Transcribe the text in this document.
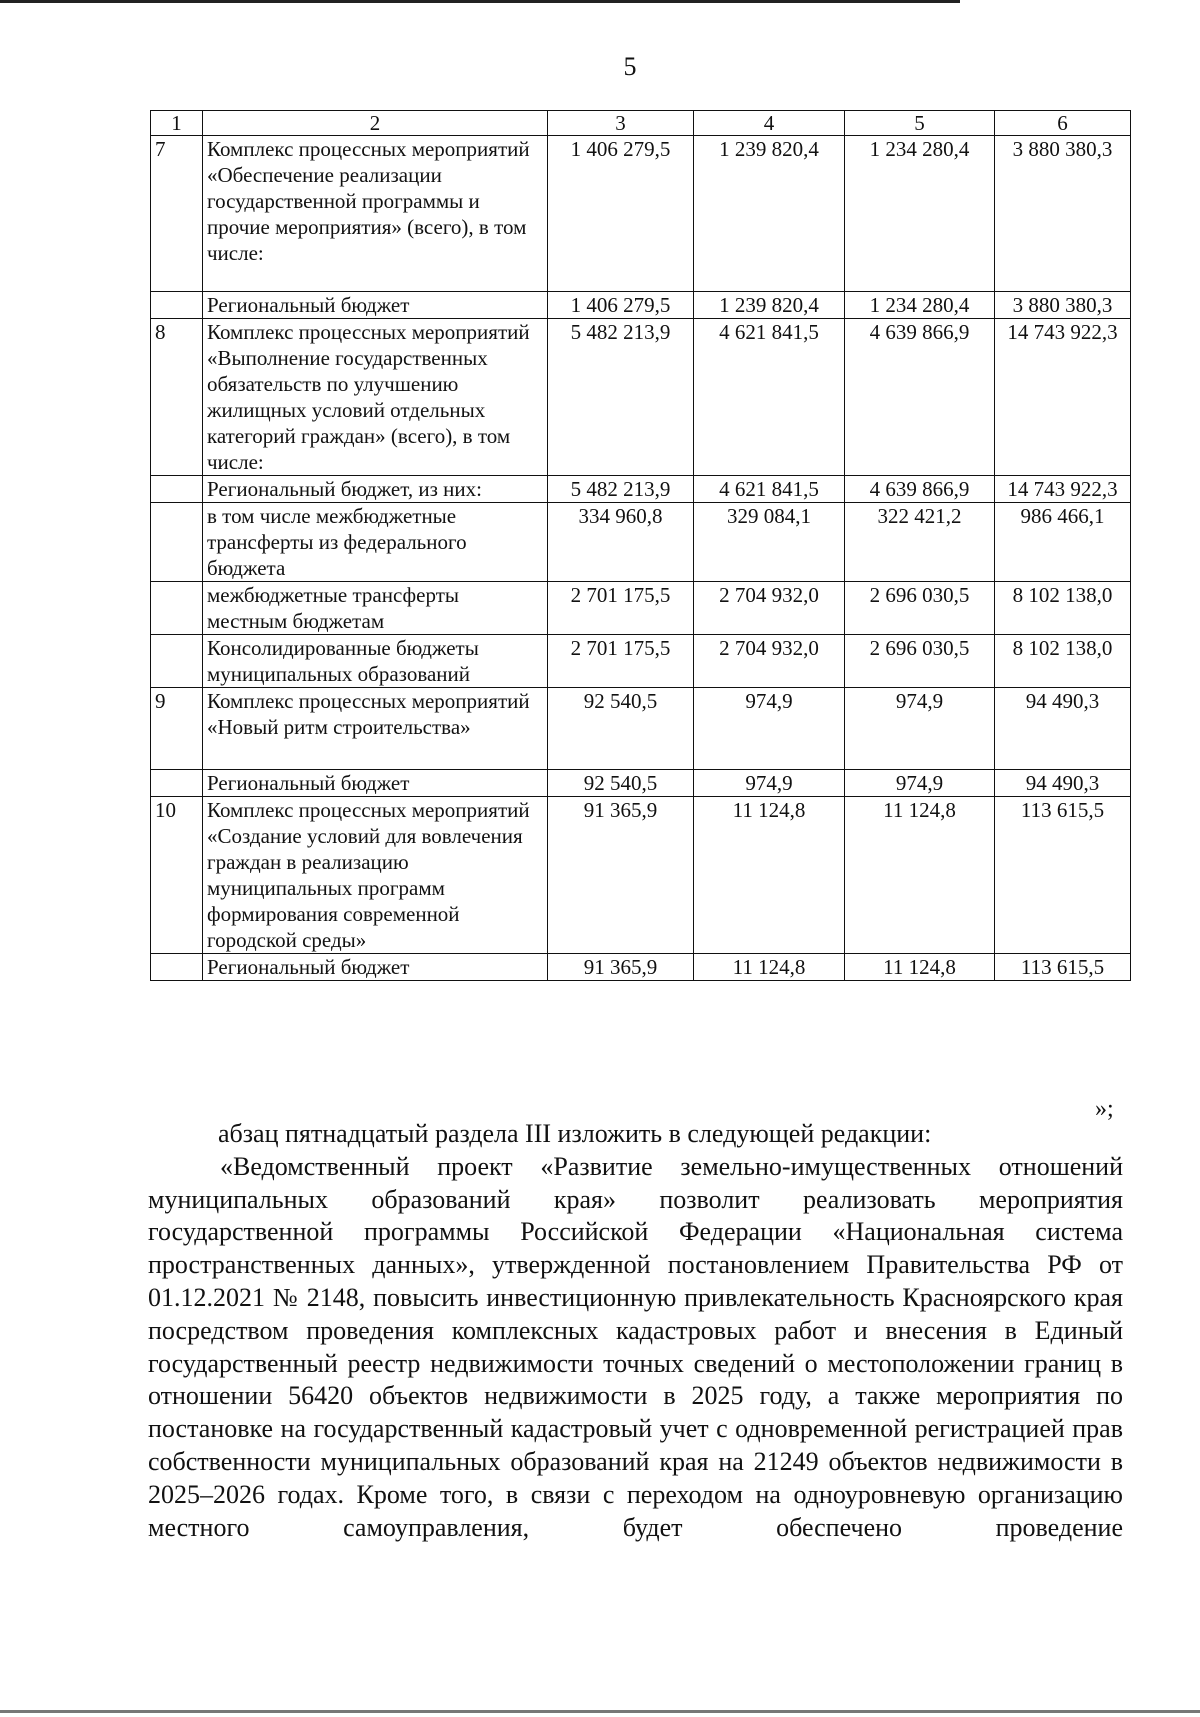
5
1	2	3	4	5	6
7	Комплекс процессных мероприятий «Обеспечение реализации государственной программы и прочие мероприятия» (всего), в том числе:	1 406 279,5	1 239 820,4	1 234 280,4	3 880 380,3
	Региональный бюджет	1 406 279,5	1 239 820,4	1 234 280,4	3 880 380,3
8	Комплекс процессных мероприятий «Выполнение государственных обязательств по улучшению жилищных условий отдельных категорий граждан» (всего), в том числе:	5 482 213,9	4 621 841,5	4 639 866,9	14 743 922,3
	Региональный бюджет, из них:	5 482 213,9	4 621 841,5	4 639 866,9	14 743 922,3
	в том числе межбюджетные трансферты из федерального бюджета	334 960,8	329 084,1	322 421,2	986 466,1
	межбюджетные трансферты местным бюджетам	2 701 175,5	2 704 932,0	2 696 030,5	8 102 138,0
	Консолидированные бюджеты муниципальных образований	2 701 175,5	2 704 932,0	2 696 030,5	8 102 138,0
9	Комплекс процессных мероприятий «Новый ритм строительства»	92 540,5	974,9	974,9	94 490,3
	Региональный бюджет	92 540,5	974,9	974,9	94 490,3
10	Комплекс процессных мероприятий «Создание условий для вовлечения граждан в реализацию муниципальных программ формирования современной городской среды»	91 365,9	11 124,8	11 124,8	113 615,5
	Региональный бюджет	91 365,9	11 124,8	11 124,8	113 615,5
»;

абзац пятнадцатый раздела III изложить в следующей редакции:

«Ведомственный проект «Развитие земельно-имущественных отношений муниципальных образований края» позволит реализовать мероприятия государственной программы Российской Федерации «Национальная система пространственных данных», утвержденной постановлением Правительства РФ от 01.12.2021 № 2148, повысить инвестиционную привлекательность Красноярского края посредством проведения комплексных кадастровых работ и внесения в Единый государственный реестр недвижимости точных сведений о местоположении границ в отношении 56420 объектов недвижимости в 2025 году, а также мероприятия по постановке на государственный кадастровый учет с одновременной регистрацией прав собственности муниципальных образований края на 21249 объектов недвижимости в 2025–2026 годах. Кроме того, в связи с переходом на одноуровневую организацию местного самоуправления, будет обеспечено проведение
